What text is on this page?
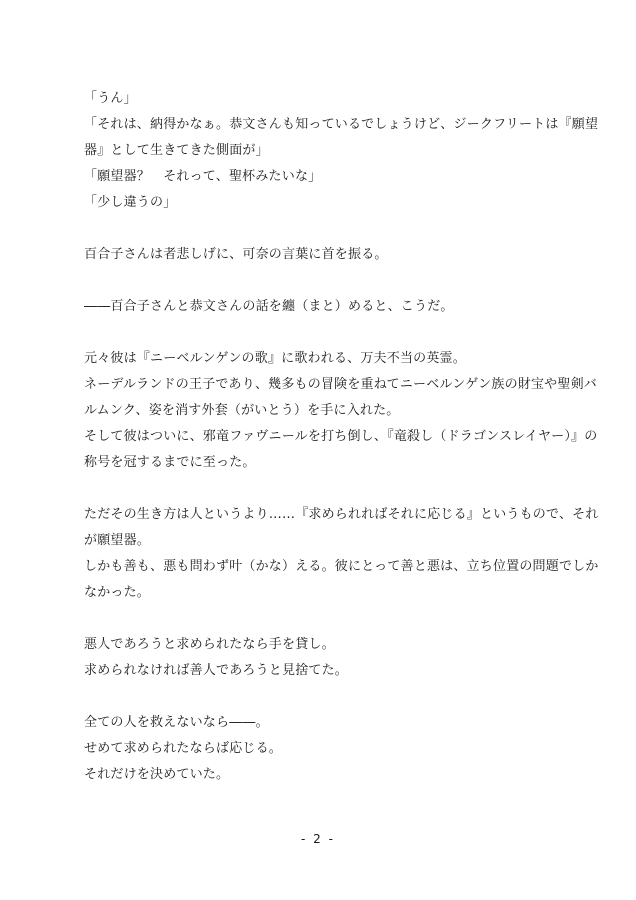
「うん」
「それは、納得かなぁ。恭文さんも知っているでしょうけど、ジークフリートは『願望
器』として生きてきた側面が」
「願望器？　それって、聖杯みたいな」
「少し違うの」
百合子さんは者悲しげに、可奈の言葉に首を振る。
――百合子さんと恭文さんの話を纏（まと）めると、こうだ。
元々彼は『ニーベルンゲンの歌』に歌われる、万夫不当の英霊。
ネーデルランドの王子であり、幾多もの冒険を重ねてニーベルンゲン族の財宝や聖剣バ
ルムンク、姿を消す外套（がいとう）を手に入れた。
そして彼はついに、邪竜ファヴニールを打ち倒し、『竜殺し（ドラゴンスレイヤー）』の
称号を冠するまでに至った。
ただその生き方は人というより……『求められればそれに応じる』というもので、それ
が願望器。
しかも善も、悪も問わず叶（かな）える。彼にとって善と悪は、立ち位置の問題でしか
なかった。
悪人であろうと求められたなら手を貸し。
求められなければ善人であろうと見捨てた。
全ての人を救えないなら――。
せめて求められたならば応じる。
それだけを決めていた。
- 2 -
